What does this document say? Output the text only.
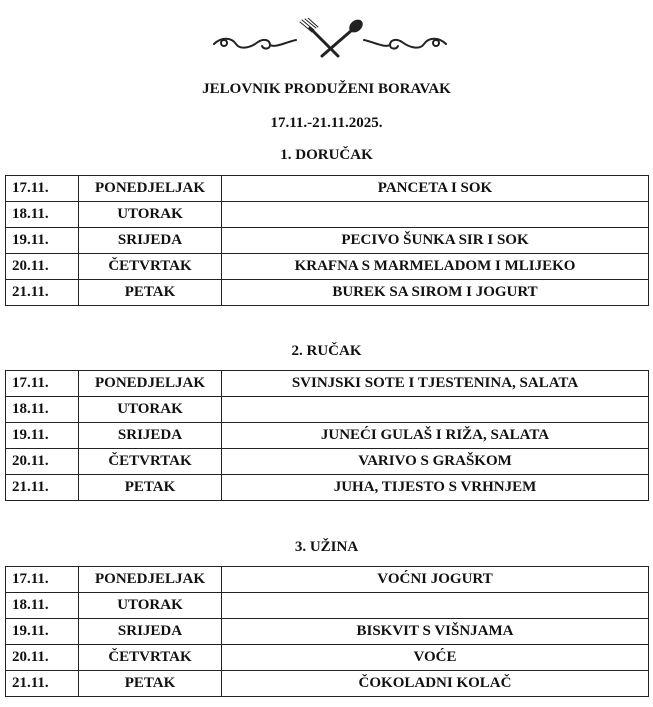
JELOVNIK PRODUŽENI BORAVAK
17.11.-21.11.2025.
1. DORUČAK
17.11.	PONEDJELJAK	PANCETA I SOK
18.11.	UTORAK	
19.11.	SRIJEDA	PECIVO ŠUNKA SIR I SOK
20.11.	ČETVRTAK	KRAFNA S MARMELADOM I MLIJEKO
21.11.	PETAK	BUREK SA SIROM I JOGURT
2. RUČAK
17.11.	PONEDJELJAK	SVINJSKI SOTE I TJESTENINA, SALATA
18.11.	UTORAK	
19.11.	SRIJEDA	JUNEĆI GULAŠ I RIŽA, SALATA
20.11.	ČETVRTAK	VARIVO S GRAŠKOM
21.11.	PETAK	JUHA, TIJESTO S VRHNJEM
3. UŽINA
17.11.	PONEDJELJAK	VOĆNI JOGURT
18.11.	UTORAK	
19.11.	SRIJEDA	BISKVIT S VIŠNJAMA
20.11.	ČETVRTAK	VOĆE
21.11.	PETAK	ČOKOLADNI KOLAČ
